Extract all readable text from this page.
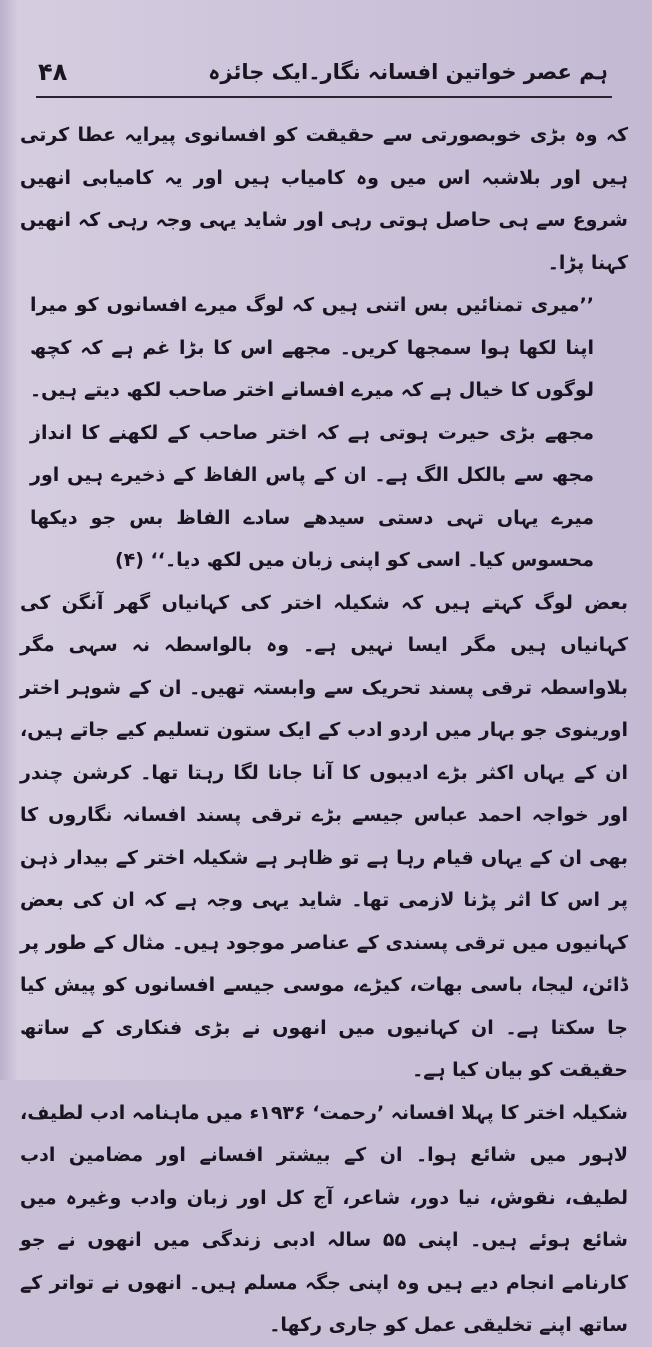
ہم عصر خواتین افسانہ نگار۔ایک جائزہ
۴۸

کہ وہ بڑی خوبصورتی سے حقیقت کو افسانوی پیرایہ عطا کرتی ہیں اور بلاشبہ اس میں وہ کامیاب ہیں اور یہ کامیابی انھیں شروع سے ہی حاصل ہوتی رہی اور شاید یہی وجہ رہی کہ انھیں کہنا پڑا۔

’’میری تمنائیں بس اتنی ہیں کہ لوگ میرے افسانوں کو میرا اپنا لکھا ہوا سمجھا کریں۔ مجھے اس کا بڑا غم ہے کہ کچھ لوگوں کا خیال ہے کہ میرے افسانے اختر صاحب لکھ دیتے ہیں۔ مجھے بڑی حیرت ہوتی ہے کہ اختر صاحب کے لکھنے کا انداز مجھ سے بالکل الگ ہے۔ ان کے پاس الفاظ کے ذخیرے ہیں اور میرے یہاں تہی دستی سیدھے سادے الفاظ بس جو دیکھا محسوس کیا۔ اسی کو اپنی زبان میں لکھ دیا۔‘‘ (۴)

بعض لوگ کہتے ہیں کہ شکیلہ اختر کی کہانیاں گھر آنگن کی کہانیاں ہیں مگر ایسا نہیں ہے۔ وہ بالواسطہ نہ سہی مگر بلاواسطہ ترقی پسند تحریک سے وابستہ تھیں۔ ان کے شوہر اختر اورینوی جو بہار میں اردو ادب کے ایک ستون تسلیم کیے جاتے ہیں، ان کے یہاں اکثر بڑے ادیبوں کا آنا جانا لگا رہتا تھا۔ کرشن چندر اور خواجہ احمد عباس جیسے بڑے ترقی پسند افسانہ نگاروں کا بھی ان کے یہاں قیام رہا ہے تو ظاہر ہے شکیلہ اختر کے بیدار ذہن پر اس کا اثر پڑنا لازمی تھا۔ شاید یہی وجہ ہے کہ ان کی بعض کہانیوں میں ترقی پسندی کے عناصر موجود ہیں۔ مثال کے طور پر ڈائن، لیجا، باسی بھات، کیڑے، موسی جیسے افسانوں کو پیش کیا جا سکتا ہے۔ ان کہانیوں میں انھوں نے بڑی فنکاری کے ساتھ حقیقت کو بیان کیا ہے۔

شکیلہ اختر کا پہلا افسانہ ’رحمت‘ ۱۹۳۶ء میں ماہنامہ ادب لطیف، لاہور میں شائع ہوا۔ ان کے بیشتر افسانے اور مضامین ادب لطیف، نقوش، نیا دور، شاعر، آج کل اور زبان وادب وغیرہ میں شائع ہوئے ہیں۔ اپنی ۵۵ سالہ ادبی زندگی میں انھوں نے جو کارنامے انجام دیے ہیں وہ اپنی جگہ مسلم ہیں۔ انھوں نے تواتر کے ساتھ اپنے تخلیقی عمل کو جاری رکھا۔
